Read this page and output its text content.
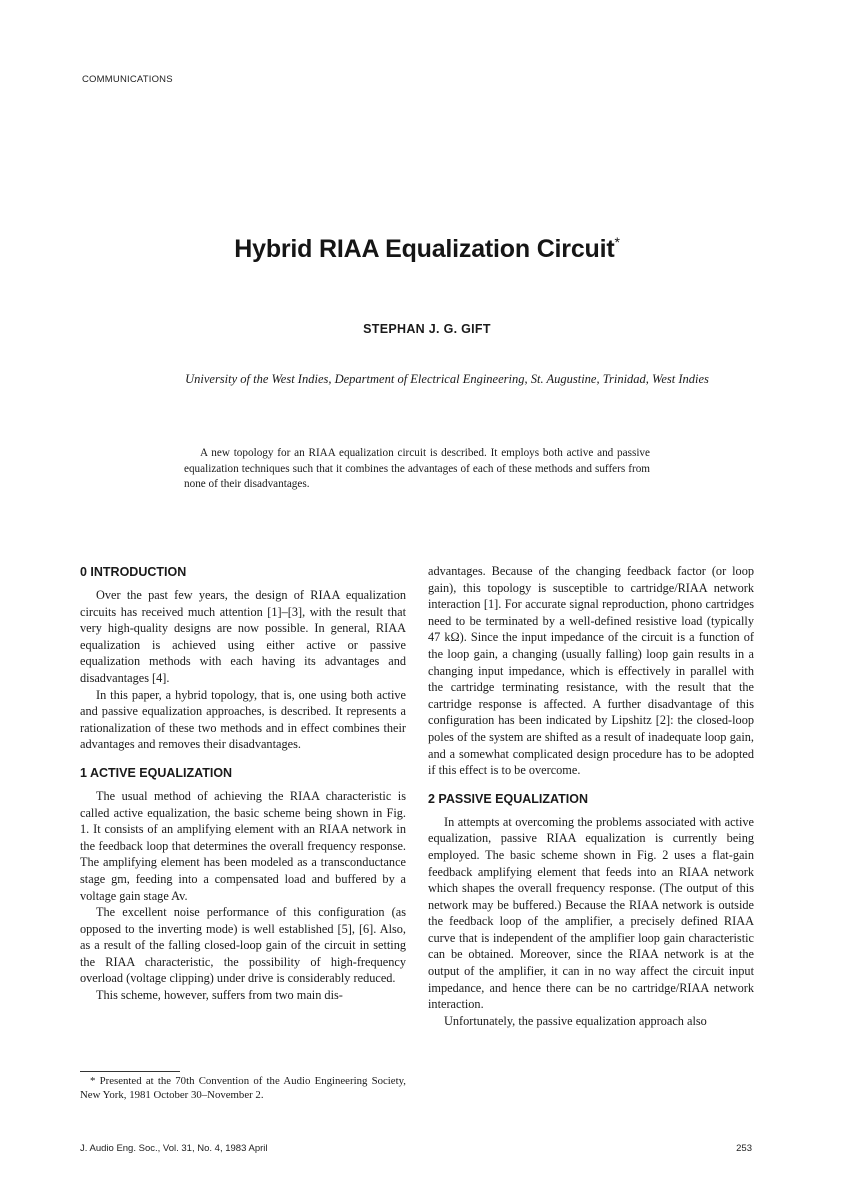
COMMUNICATIONS
Hybrid RIAA Equalization Circuit*
STEPHAN J. G. GIFT
University of the West Indies, Department of Electrical Engineering, St. Augustine, Trinidad, West Indies

A new topology for an RIAA equalization circuit is described. It employs both active and passive equalization techniques such that it combines the advantages of each of these methods and suffers from none of their disadvantages.

0 INTRODUCTION

Over the past few years, the design of RIAA equalization circuits has received much attention [1]–[3], with the result that very high-quality designs are now possible. In general, RIAA equalization is achieved using either active or passive equalization methods with each having its advantages and disadvantages [4].

In this paper, a hybrid topology, that is, one using both active and passive equalization approaches, is described. It represents a rationalization of these two methods and in effect combines their advantages and removes their disadvantages.

1 ACTIVE EQUALIZATION

The usual method of achieving the RIAA characteristic is called active equalization, the basic scheme being shown in Fig. 1. It consists of an amplifying element with an RIAA network in the feedback loop that determines the overall frequency response. The amplifying element has been modeled as a transconductance stage gm, feeding into a compensated load and buffered by a voltage gain stage Av.

The excellent noise performance of this configuration (as opposed to the inverting mode) is well established [5], [6]. Also, as a result of the falling closed-loop gain of the circuit in setting the RIAA characteristic, the possibility of high-frequency overload (voltage clipping) under drive is considerably reduced.

This scheme, however, suffers from two main dis-

advantages. Because of the changing feedback factor (or loop gain), this topology is susceptible to cartridge/RIAA network interaction [1]. For accurate signal reproduction, phono cartridges need to be terminated by a well-defined resistive load (typically 47 kΩ). Since the input impedance of the circuit is a function of the loop gain, a changing (usually falling) loop gain results in a changing input impedance, which is effectively in parallel with the cartridge terminating resistance, with the result that the cartridge response is affected. A further disadvantage of this configuration has been indicated by Lipshitz [2]: the closed-loop poles of the system are shifted as a result of inadequate loop gain, and a somewhat complicated design procedure has to be adopted if this effect is to be overcome.

2 PASSIVE EQUALIZATION

In attempts at overcoming the problems associated with active equalization, passive RIAA equalization is currently being employed. The basic scheme shown in Fig. 2 uses a flat-gain feedback amplifying element that feeds into an RIAA network which shapes the overall frequency response. (The output of this network may be buffered.) Because the RIAA network is outside the feedback loop of the amplifier, a precisely defined RIAA curve that is independent of the amplifier loop gain characteristic can be obtained. Moreover, since the RIAA network is at the output of the amplifier, it can in no way affect the circuit input impedance, and hence there can be no cartridge/RIAA network interaction.

Unfortunately, the passive equalization approach also

* Presented at the 70th Convention of the Audio Engineering Society, New York, 1981 October 30–November 2.

J. Audio Eng. Soc., Vol. 31, No. 4, 1983 April	253
